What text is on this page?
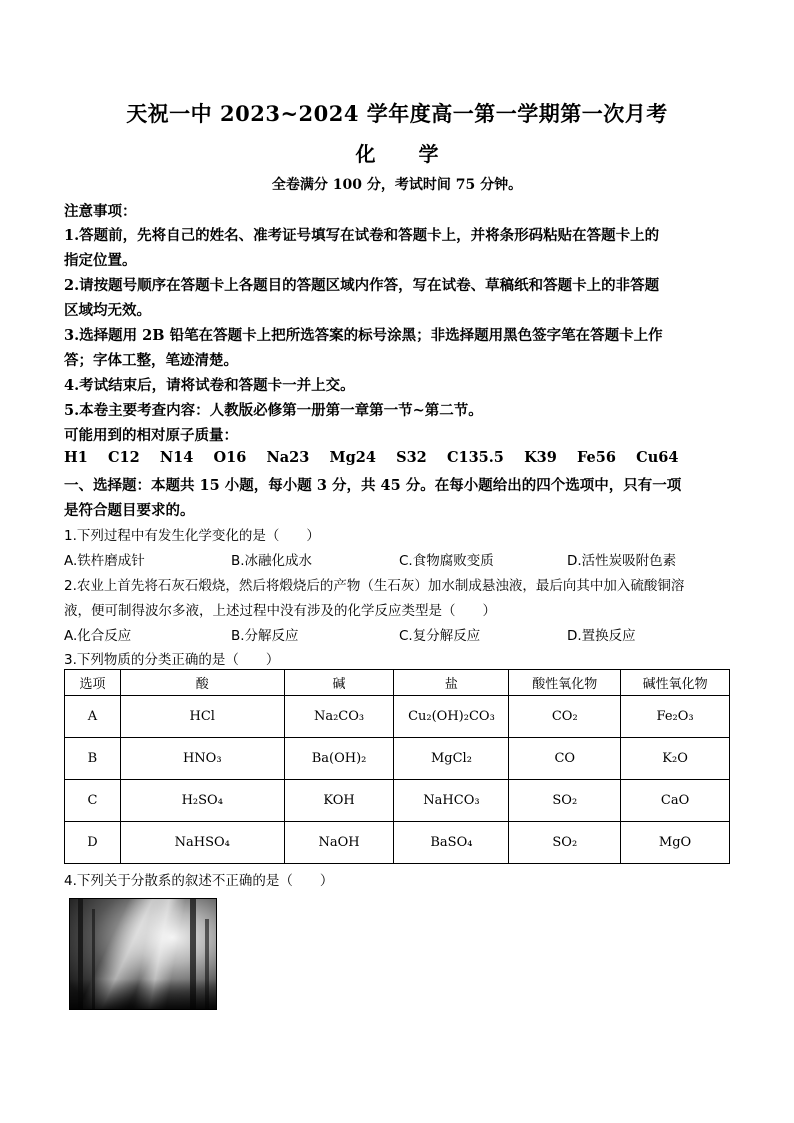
天祝一中 2023~2024 学年度高一第一学期第一次月考
化 学
全卷满分 100 分，考试时间 75 分钟。
注意事项：
1.答题前，先将自己的姓名、准考证号填写在试卷和答题卡上，并将条形码粘贴在答题卡上的
指定位置。
2.请按题号顺序在答题卡上各题目的答题区域内作答，写在试卷、草稿纸和答题卡上的非答题
区域均无效。
3.选择题用 2B 铅笔在答题卡上把所选答案的标号涂黑；非选择题用黑色签字笔在答题卡上作
答；字体工整，笔迹清楚。
4.考试结束后，请将试卷和答题卡一并上交。
5.本卷主要考查内容：人教版必修第一册第一章第一节~第二节。
可能用到的相对原子质量：
H1    C12    N14    O16    Na23    Mg24    S32    C135.5    K39    Fe56    Cu64
一、选择题：本题共 15 小题，每小题 3 分，共 45 分。在每小题给出的四个选项中，只有一项
是符合题目要求的。
1.下列过程中有发生化学变化的是（　　）
A.铁杵磨成针	B.冰融化成水	C.食物腐败变质	D.活性炭吸附色素
2.农业上首先将石灰石煅烧，然后将煅烧后的产物（生石灰）加水制成悬浊液，最后向其中加入硫酸铜溶
液，便可制得波尔多液，上述过程中没有涉及的化学反应类型是（　　）
A.化合反应	B.分解反应	C.复分解反应	D.置换反应
3.下列物质的分类正确的是（　　）
选项	酸	碱	盐	酸性氧化物	碱性氧化物
A	HCl	Na₂CO₃	Cu₂(OH)₂CO₃	CO₂	Fe₂O₃
B	HNO₃	Ba(OH)₂	MgCl₂	CO	K₂O
C	H₂SO₄	KOH	NaHCO₃	SO₂	CaO
D	NaHSO₄	NaOH	BaSO₄	SO₂	MgO
4.下列关于分散系的叙述不正确的是（　　）
